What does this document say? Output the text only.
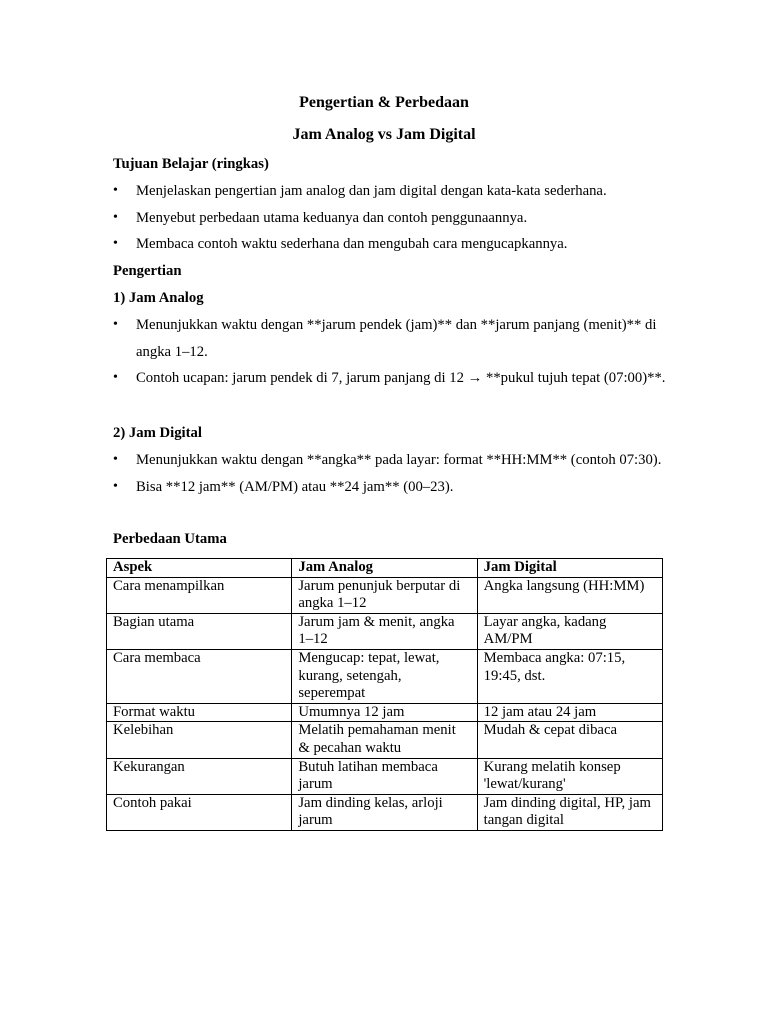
Pengertian & Perbedaan
Jam Analog vs Jam Digital
Tujuan Belajar (ringkas)
• Menjelaskan pengertian jam analog dan jam digital dengan kata-kata sederhana.
• Menyebut perbedaan utama keduanya dan contoh penggunaannya.
• Membaca contoh waktu sederhana dan mengubah cara mengucapkannya.
Pengertian
1) Jam Analog
• Menunjukkan waktu dengan **jarum pendek (jam)** dan **jarum panjang (menit)** di angka 1–12.
• Contoh ucapan: jarum pendek di 7, jarum panjang di 12 → **pukul tujuh tepat (07:00)**.
2) Jam Digital
• Menunjukkan waktu dengan **angka** pada layar: format **HH:MM** (contoh 07:30).
• Bisa **12 jam** (AM/PM) atau **24 jam** (00–23).
Perbedaan Utama
Aspek	Jam Analog	Jam Digital
Cara menampilkan	Jarum penunjuk berputar di angka 1–12	Angka langsung (HH:MM)
Bagian utama	Jarum jam & menit, angka 1–12	Layar angka, kadang AM/PM
Cara membaca	Mengucap: tepat, lewat, kurang, setengah, seperempat	Membaca angka: 07:15, 19:45, dst.
Format waktu	Umumnya 12 jam	12 jam atau 24 jam
Kelebihan	Melatih pemahaman menit & pecahan waktu	Mudah & cepat dibaca
Kekurangan	Butuh latihan membaca jarum	Kurang melatih konsep 'lewat/kurang'
Contoh pakai	Jam dinding kelas, arloji jarum	Jam dinding digital, HP, jam tangan digital
